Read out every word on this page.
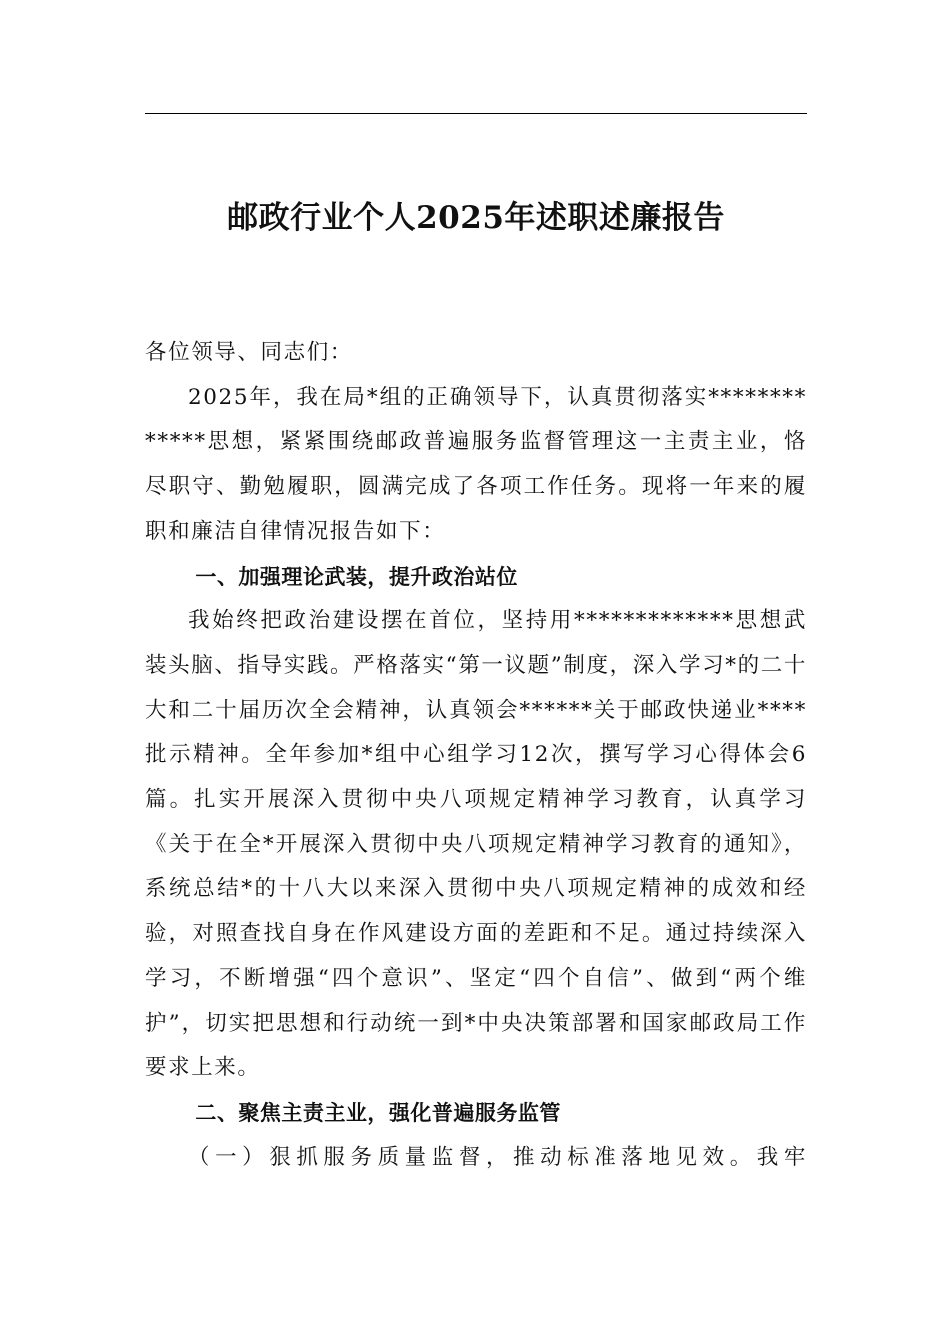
邮政行业个人2025年述职述廉报告

各位领导、同志们：

2025年，我在局*组的正确领导下，认真贯彻落实*************思想，紧紧围绕邮政普遍服务监督管理这一主责主业，恪尽职守、勤勉履职，圆满完成了各项工作任务。现将一年来的履职和廉洁自律情况报告如下：

一、加强理论武装，提升政治站位

我始终把政治建设摆在首位，坚持用*************思想武装头脑、指导实践。严格落实“第一议题”制度，深入学习*的二十大和二十届历次全会精神，认真领会******关于邮政快递业****批示精神。全年参加*组中心组学习12次，撰写学习心得体会6篇。扎实开展深入贯彻中央八项规定精神学习教育，认真学习《关于在全*开展深入贯彻中央八项规定精神学习教育的通知》，系统总结*的十八大以来深入贯彻中央八项规定精神的成效和经验，对照查找自身在作风建设方面的差距和不足。通过持续深入学习，不断增强“四个意识”、坚定“四个自信”、做到“两个维护”，切实把思想和行动统一到*中央决策部署和国家邮政局工作要求上来。

二、聚焦主责主业，强化普遍服务监管

（一）狠抓服务质量监督，推动标准落地见效。我牢
